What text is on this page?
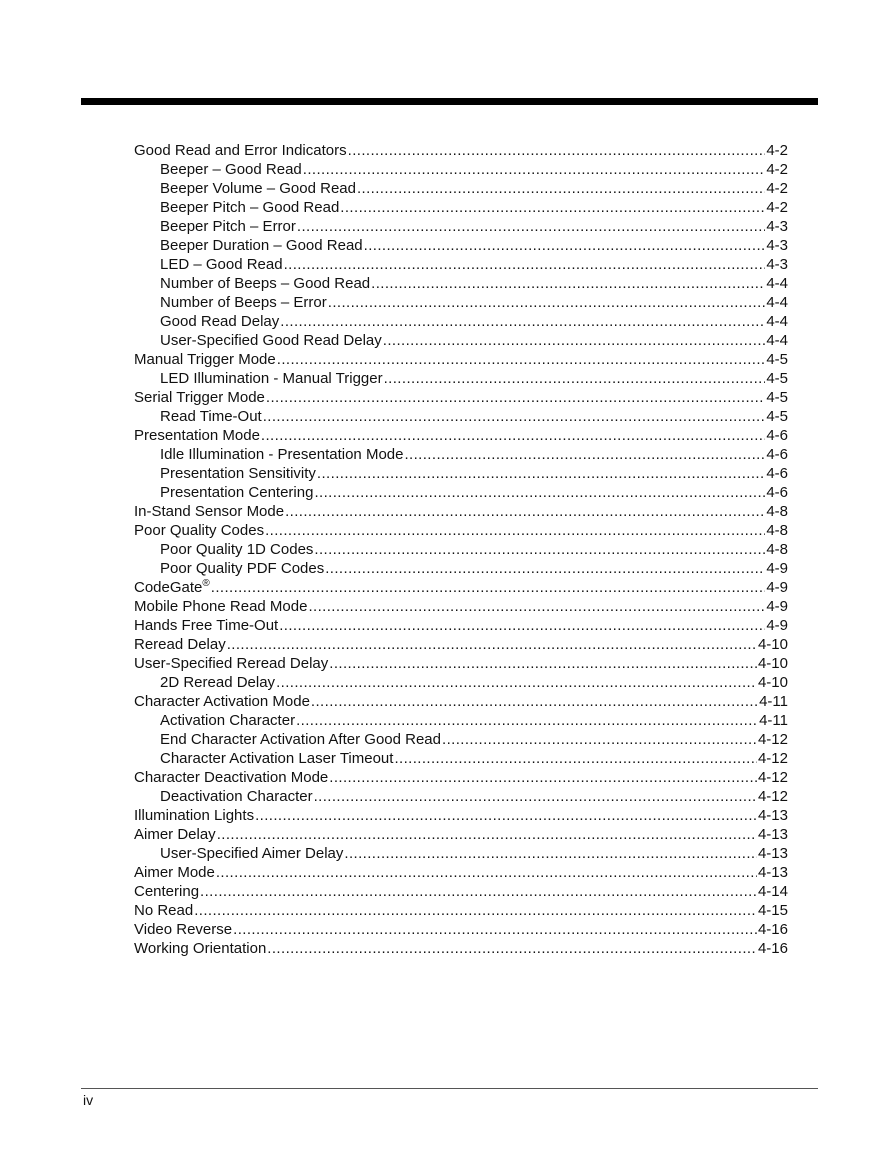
Good Read and Error Indicators .....	4-2
Beeper – Good Read .....	4-2
Beeper Volume – Good Read .....	4-2
Beeper Pitch – Good Read .....	4-2
Beeper Pitch – Error .....	4-3
Beeper Duration – Good Read .....	4-3
LED – Good Read .....	4-3
Number of Beeps – Good Read .....	4-4
Number of Beeps – Error .....	4-4
Good Read Delay .....	4-4
User-Specified Good Read Delay .....	4-4
Manual Trigger Mode .....	4-5
LED Illumination - Manual Trigger .....	4-5
Serial Trigger Mode .....	4-5
Read Time-Out .....	4-5
Presentation Mode .....	4-6
Idle Illumination - Presentation Mode .....	4-6
Presentation Sensitivity .....	4-6
Presentation Centering .....	4-6
In-Stand Sensor Mode .....	4-8
Poor Quality Codes .....	4-8
Poor Quality 1D Codes .....	4-8
Poor Quality PDF Codes .....	4-9
CodeGate® .....	4-9
Mobile Phone Read Mode .....	4-9
Hands Free Time-Out .....	4-9
Reread Delay .....	4-10
User-Specified Reread Delay .....	4-10
2D Reread Delay .....	4-10
Character Activation Mode .....	4-11
Activation Character .....	4-11
End Character Activation After Good Read .....	4-12
Character Activation Laser Timeout .....	4-12
Character Deactivation Mode .....	4-12
Deactivation Character .....	4-12
Illumination Lights .....	4-13
Aimer Delay .....	4-13
User-Specified Aimer Delay .....	4-13
Aimer Mode .....	4-13
Centering .....	4-14
No Read .....	4-15
Video Reverse .....	4-16
Working Orientation .....	4-16
iv
